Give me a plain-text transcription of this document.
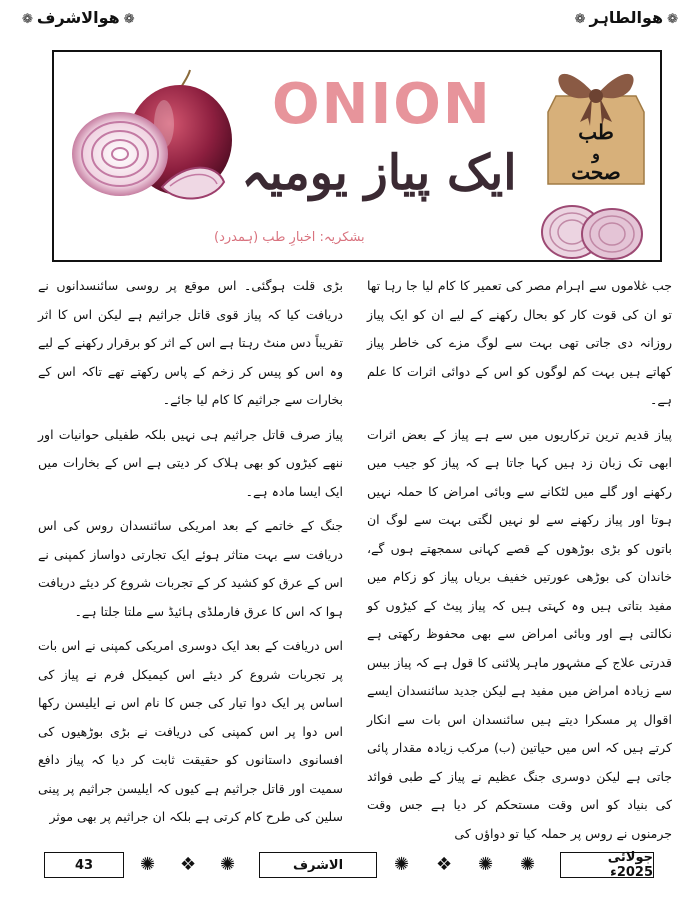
❁هوالاشرف❁	❁هوالطاہر❁
ONION
ایک پیاز یومیہ
بشکریہ: اخبارِ طب (ہمدرد)
طب
و
صحت

جب غلاموں سے اہرام مصر کی تعمیر کا کام لیا جا رہا تھا تو ان کی قوت کار کو بحال رکھنے کے لیے ان کو ایک پیاز روزانہ دی جاتی تھی بہت سے لوگ مزے کی خاطر پیاز کھاتے ہیں بہت کم لوگوں کو اس کے دوائی اثرات کا علم ہے۔

پیاز قدیم ترین ترکاریوں میں سے ہے پیاز کے بعض اثرات ابھی تک زبان زد ہیں کہا جاتا ہے کہ پیاز کو جیب میں رکھنے اور گلے میں لٹکانے سے وبائی امراض کا حملہ نہیں ہوتا اور پیاز رکھنے سے لو نہیں لگتی بہت سے لوگ ان باتوں کو بڑی بوڑھوں کے قصے کہانی سمجھتے ہوں گے، خاندان کی بوڑھی عورتیں خفیف بریاں پیاز کو زکام میں مفید بتاتی ہیں وہ کہتی ہیں کہ پیاز پیٹ کے کیڑوں کو نکالتی ہے اور وبائی امراض سے بھی محفوظ رکھتی ہے قدرتی علاج کے مشہور ماہر پلائنی کا قول ہے کہ پیاز بیس سے زیادہ امراض میں مفید ہے لیکن جدید سائنسدان ایسے اقوال پر مسکرا دیتے ہیں سائنسدان اس بات سے انکار کرتے ہیں کہ اس میں حیاتین (ب) مرکب زیادہ مقدار پائی جاتی ہے لیکن دوسری جنگ عظیم نے پیاز کے طبی فوائد کی بنیاد کو اس وقت مستحکم کر دیا ہے جس وقت جرمنوں نے روس پر حملہ کیا تو دواؤں کی

بڑی قلت ہوگئی۔ اس موقع پر روسی سائنسدانوں نے دریافت کیا کہ پیاز قوی قاتل جراثیم ہے لیکن اس کا اثر تقریباً دس منٹ رہتا ہے اس کے اثر کو برقرار رکھنے کے لیے وہ اس کو پیس کر زخم کے پاس رکھتے تھے تاکہ اس کے بخارات سے جراثیم کا کام لیا جائے۔

پیاز صرف قاتل جراثیم ہی نہیں بلکہ طفیلی حوانیات اور ننھے کیڑوں کو بھی ہلاک کر دیتی ہے اس کے بخارات میں ایک ایسا مادہ ہے۔

جنگ کے خاتمے کے بعد امریکی سائنسدان روس کی اس دریافت سے بہت متاثر ہوئے ایک تجارتی دواساز کمپنی نے اس کے عرق کو کشید کر کے تجربات شروع کر دیئے دریافت ہوا کہ اس کا عرق فارملڈی ہائیڈ سے ملتا جلتا ہے۔

اس دریافت کے بعد ایک دوسری امریکی کمپنی نے اس بات پر تجربات شروع کر دیئے اس کیمیکل فرم نے پیاز کی اساس پر ایک دوا تیار کی جس کا نام اس نے ایلیسن رکھا اس دوا پر اس کمپنی کی دریافت نے بڑی بوڑھیوں کی افسانوی داستانوں کو حقیقت ثابت کر دیا کہ پیاز دافع سمیت اور قاتل جراثیم ہے کیوں کہ ایلیسن جراثیم پر پینی سلین کی طرح کام کرتی ہے بلکہ ان جراثیم پر بھی موثر

43	✺ ❖ ✺	الاشرف	✺ ❖ ✺ ✺	جولائی 2025ء
